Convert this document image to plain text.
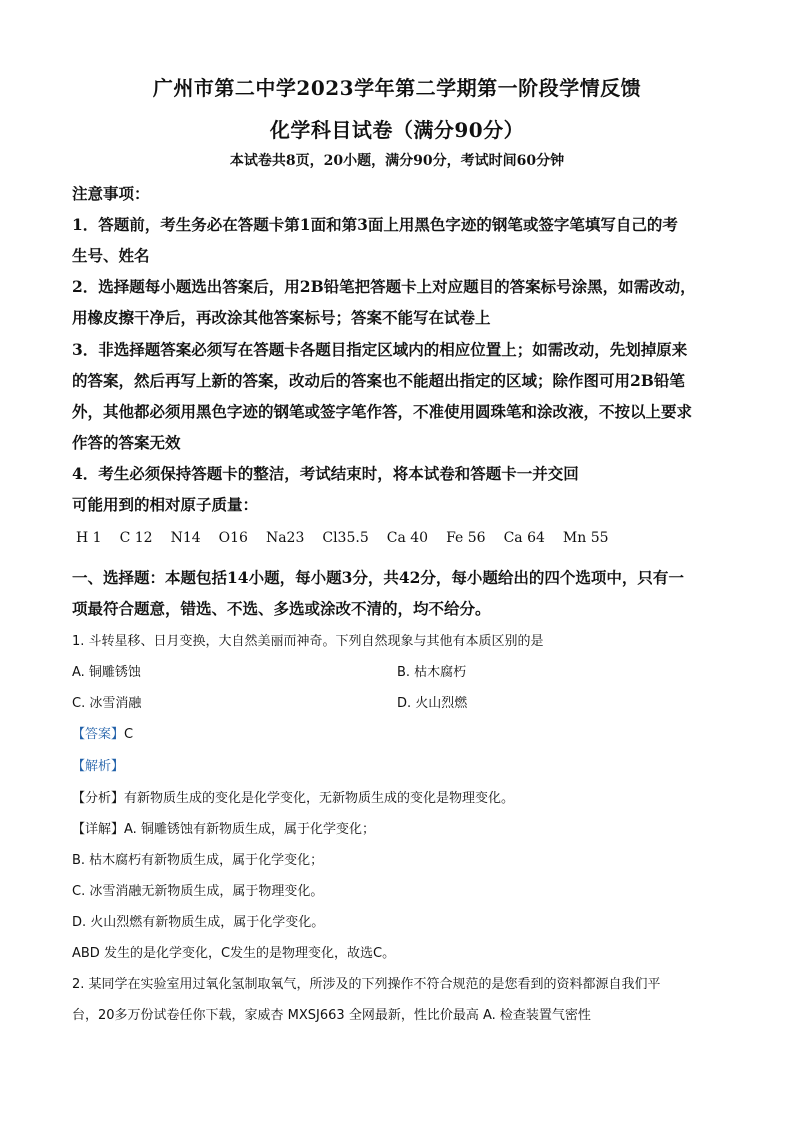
广州市第二中学2023学年第二学期第一阶段学情反馈
化学科目试卷（满分90分）
本试卷共8页，20小题，满分90分，考试时间60分钟
注意事项：
1．答题前，考生务必在答题卡第1面和第3面上用黑色字迹的钢笔或签字笔填写自己的考
生号、姓名
2．选择题每小题选出答案后，用2B铅笔把答题卡上对应题目的答案标号涂黑，如需改动，
用橡皮擦干净后，再改涂其他答案标号；答案不能写在试卷上
3．非选择题答案必须写在答题卡各题目指定区域内的相应位置上；如需改动，先划掉原来
的答案，然后再写上新的答案，改动后的答案也不能超出指定的区域；除作图可用2B铅笔
外，其他都必须用黑色字迹的钢笔或签字笔作答，不准使用圆珠笔和涂改液，不按以上要求
作答的答案无效
4．考生必须保持答题卡的整洁，考试结束时，将本试卷和答题卡一并交回
可能用到的相对原子质量：
H 1 C 12 N14 O16 Na23 Cl35.5 Ca 40 Fe 56 Ca 64 Mn 55
一、选择题：本题包括14小题，每小题3分，共42分，每小题给出的四个选项中，只有一
项最符合题意，错选、不选、多选或涂改不清的，均不给分。
1. 斗转星移、日月变换，大自然美丽而神奇。下列自然现象与其他有本质区别的是
A. 铜雕锈蚀	B. 枯木腐朽
C. 冰雪消融	D. 火山烈燃
【答案】C
【解析】
【分析】有新物质生成的变化是化学变化，无新物质生成的变化是物理变化。
【详解】A. 铜雕锈蚀有新物质生成，属于化学变化；
B. 枯木腐朽有新物质生成，属于化学变化；
C. 冰雪消融无新物质生成，属于物理变化。
D. 火山烈燃有新物质生成，属于化学变化。
ABD 发生的是化学变化，C发生的是物理变化，故选C。
2. 某同学在实验室用过氧化氢制取氧气，所涉及的下列操作不符合规范的是您看到的资料都源自我们平
台，20多万份试卷任你下载，家威杏 MXSJ663 全网最新，性比价最高 A. 检查装置气密性
